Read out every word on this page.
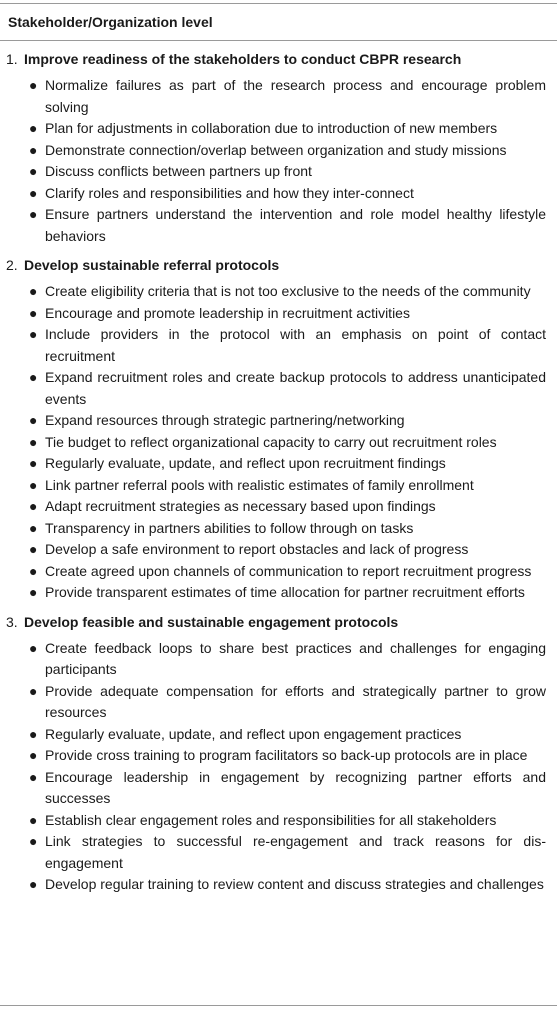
Stakeholder/Organization level
1. Improve readiness of the stakeholders to conduct CBPR research
● Normalize failures as part of the research process and encourage problem solving
● Plan for adjustments in collaboration due to introduction of new members
● Demonstrate connection/overlap between organization and study missions
● Discuss conflicts between partners up front
● Clarify roles and responsibilities and how they inter-connect
● Ensure partners understand the intervention and role model healthy lifestyle behaviors
2. Develop sustainable referral protocols
● Create eligibility criteria that is not too exclusive to the needs of the community
● Encourage and promote leadership in recruitment activities
● Include providers in the protocol with an emphasis on point of contact recruitment
● Expand recruitment roles and create backup protocols to address unanticipated events
● Expand resources through strategic partnering/networking
● Tie budget to reflect organizational capacity to carry out recruitment roles
● Regularly evaluate, update, and reflect upon recruitment findings
● Link partner referral pools with realistic estimates of family enrollment
● Adapt recruitment strategies as necessary based upon findings
● Transparency in partners abilities to follow through on tasks
● Develop a safe environment to report obstacles and lack of progress
● Create agreed upon channels of communication to report recruitment progress
● Provide transparent estimates of time allocation for partner recruitment efforts
3. Develop feasible and sustainable engagement protocols
● Create feedback loops to share best practices and challenges for engaging participants
● Provide adequate compensation for efforts and strategically partner to grow resources
● Regularly evaluate, update, and reflect upon engagement practices
● Provide cross training to program facilitators so back-up protocols are in place
● Encourage leadership in engagement by recognizing partner efforts and successes
● Establish clear engagement roles and responsibilities for all stakeholders
● Link strategies to successful re-engagement and track reasons for dis-engagement
● Develop regular training to review content and discuss strategies and challenges
